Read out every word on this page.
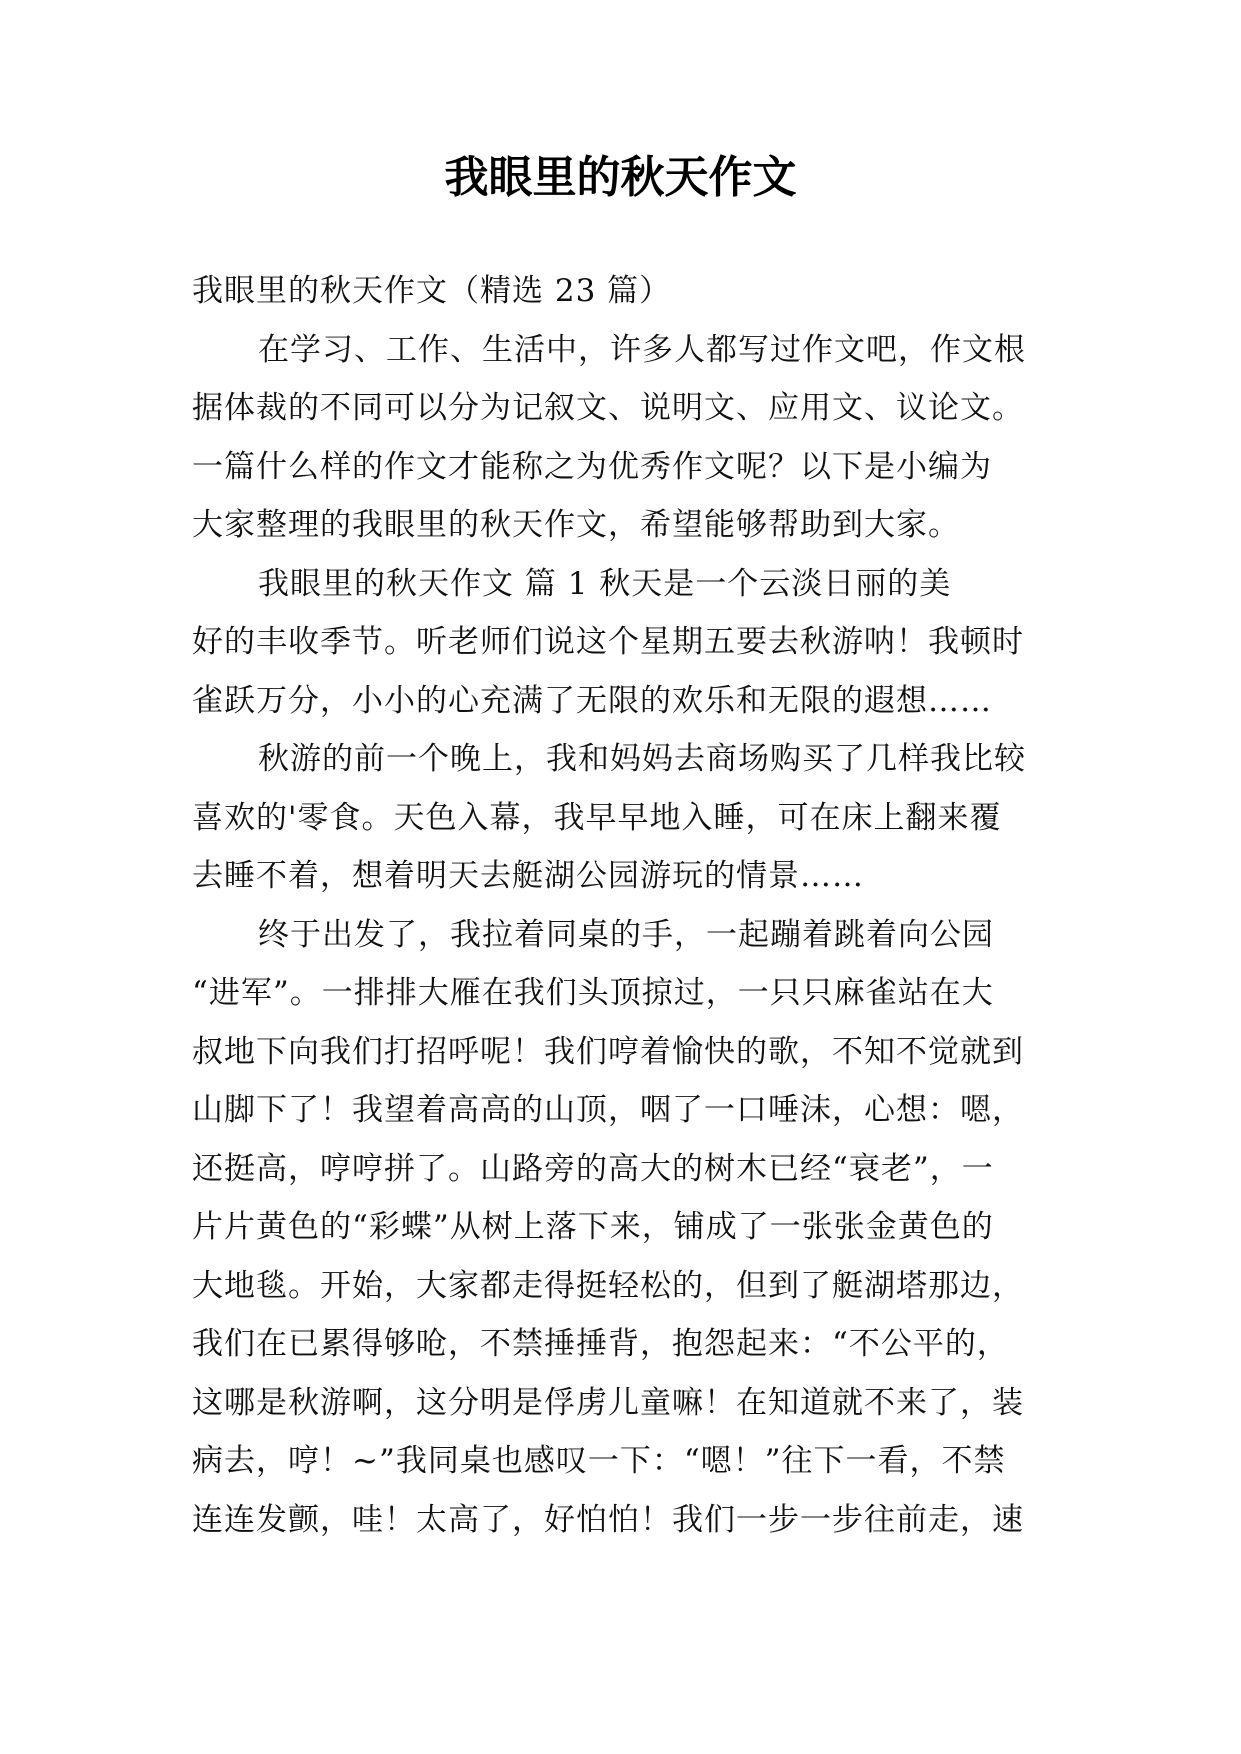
我眼里的秋天作文
我眼里的秋天作文（精选 23 篇）
在学习、工作、生活中，许多人都写过作文吧，作文根
据体裁的不同可以分为记叙文、说明文、应用文、议论文。
一篇什么样的作文才能称之为优秀作文呢？以下是小编为
大家整理的我眼里的秋天作文，希望能够帮助到大家。
我眼里的秋天作文 篇 1 秋天是一个云淡日丽的美
好的丰收季节。听老师们说这个星期五要去秋游呐！我顿时
雀跃万分，小小的心充满了无限的欢乐和无限的遐想……
秋游的前一个晚上，我和妈妈去商场购买了几样我比较
喜欢的'零食。天色入幕，我早早地入睡，可在床上翻来覆
去睡不着，想着明天去艇湖公园游玩的情景……
终于出发了，我拉着同桌的手，一起蹦着跳着向公园
“进军”。一排排大雁在我们头顶掠过，一只只麻雀站在大
叔地下向我们打招呼呢！我们哼着愉快的歌，不知不觉就到
山脚下了！我望着高高的山顶，咽了一口唾沫，心想：嗯，
还挺高，哼哼拼了。山路旁的高大的树木已经“衰老”，一
片片黄色的“彩蝶”从树上落下来，铺成了一张张金黄色的
大地毯。开始，大家都走得挺轻松的，但到了艇湖塔那边，
我们在已累得够呛，不禁捶捶背，抱怨起来：“不公平的，
这哪是秋游啊，这分明是俘虏儿童嘛！在知道就不来了，装
病去，哼！~”我同桌也感叹一下：“嗯！”往下一看，不禁
连连发颤，哇！太高了，好怕怕！我们一步一步往前走，速
